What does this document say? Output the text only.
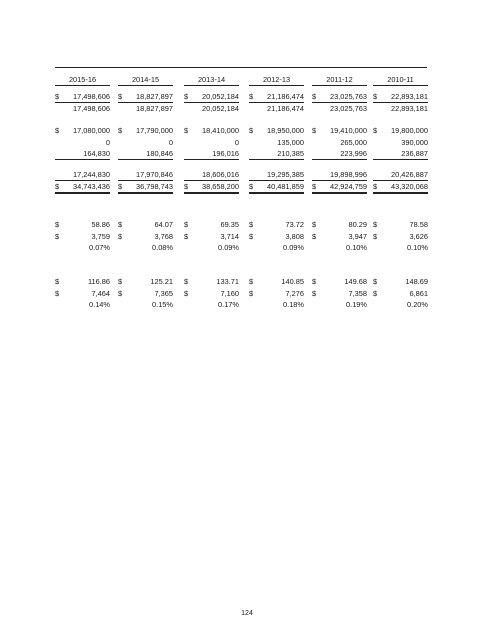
2015-16	2014-15	2013-14	2012-13	2011-12	2010-11
$ 17,498,606 $ 18,827,897 $ 20,052,184 $ 21,186,474 $ 23,025,763 $ 22,893,181
17,498,606	18,827,897	20,052,184	21,186,474	23,025,763	22,893,181
$ 17,080,000 $ 17,790,000 $ 18,410,000 $ 18,950,000 $ 19,410,000 $ 19,800,000
0	0	0	135,000	265,000	390,000
164,830	180,846	196,016	210,385	223,996	236,887
17,244,830	17,970,846	18,606,016	19,295,385	19,898,996	20,426,887
$ 34,743,436 $ 36,798,743 $ 38,658,200 $ 40,481,859 $ 42,924,759 $ 43,320,068
$	58.86 $	64.07 $	69.35 $	73.72 $	80.29 $	78.58
$	3,759 $	3,768 $	3,714 $	3,808 $	3,947 $	3,626
0.07%	0.08%	0.09%	0.09%	0.10%	0.10%
$	116.86 $	125.21 $	133.71 $	140.85 $	149.68 $	148.69
$	7,464 $	7,365 $	7,160 $	7,276 $	7,358 $	6,861
0.14%	0.15%	0.17%	0.18%	0.19%	0.20%
124
